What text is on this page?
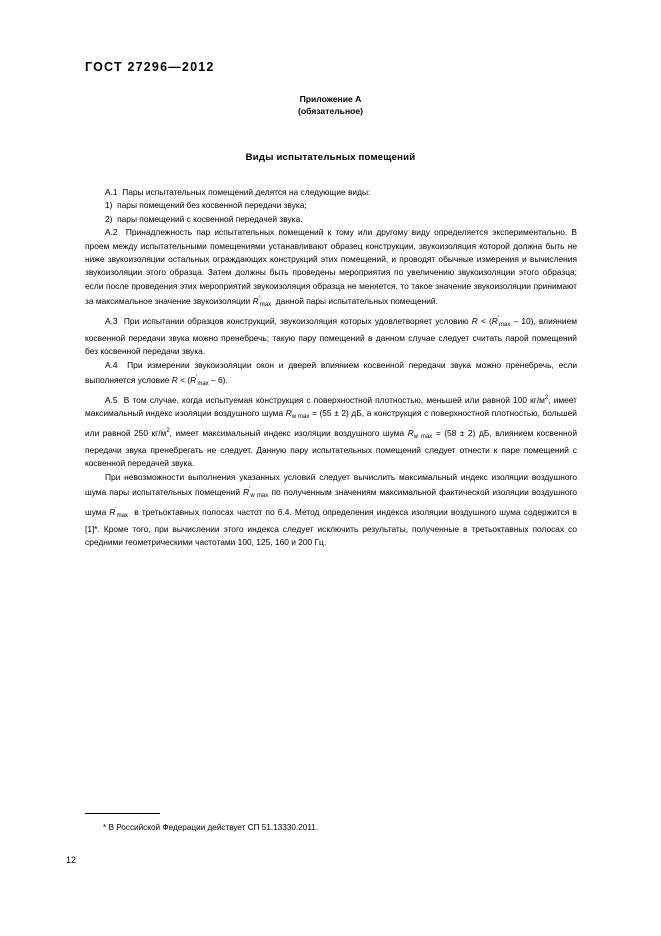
ГОСТ 27296—2012
Приложение А
(обязательное)
Виды испытательных помещений

А.1  Пары испытательных помещений делятся на следующие виды:

1)  пары помещений без косвенной передачи звука;

2)  пары помещений с косвенной передачей звука.

А.2  Принадлежность пар испытательных помещений к тому или другому виду определяется экспериментально. В проем между испытательными помещениями устанавливают образец конструкции, звукоизоляция которой должна быть не ниже звукоизоляции остальных ограждающих конструкций этих помещений, и проводят обычные измерения и вычисления звукоизоляции этого образца. Затем должны быть проведены мероприятия по увеличению звукоизоляции этого образца; если после проведения этих мероприятий звукоизоляция образца не меняется, то такое значение звукоизоляции принимают за максимальное значение звукоизоляции $R'_{max}$  данной пары испытательных помещений.

А.3  При испытании образцов конструкций, звукоизоляция которых удовлетворяет условию $R < (R'_{max} - 10)$, влиянием косвенной передачи звука можно пренебречь; такую пару помещений в данном случае следует считать парой помещений без косвенной передачи звука.

А.4  При измерении звукоизоляции окон и дверей влиянием косвенной передачи звука можно пренебречь, если выполняется условие $R < (R'_{max} - 6)$.

А.5  В том случае, когда испытуемая конструкция с поверхностной плотностью, меньшей или равной 100 $кг/м^2$, имеет максимальный индекс изоляции воздушного шума $R_{w max} = (55 \pm 2)$ дБ, а конструкция с поверхностной плотностью, большей или равной 250 $кг/м^2$, имеет максимальный индекс изоляции воздушного шума $R_{w max} = (58 \pm 2)$ дБ, влиянием косвенной передачи звука пренебрегать не следует. Данную пару испытательных помещений следует отнести к паре помещений с косвенной передачей звука.

При невозможности выполнения указанных условий следует вычислить максимальный индекс изоляции воздушного шума пары испытательных помещений $R'_{w max}$ по полученным значениям максимальной фактической изоляции воздушного шума $R'_{max}$  в третьоктавных полосах частот по 6.4. Метод определения индекса изоляции воздушного шума содержится в [1]*. Кроме того, при вычислении этого индекса следует исключить результаты, полученные в третьоктавных полосах со средними геометрическими частотами 100, 125, 160 и 200 Гц.

* В Российской Федерации действует СП 51.13330.2011.
12
